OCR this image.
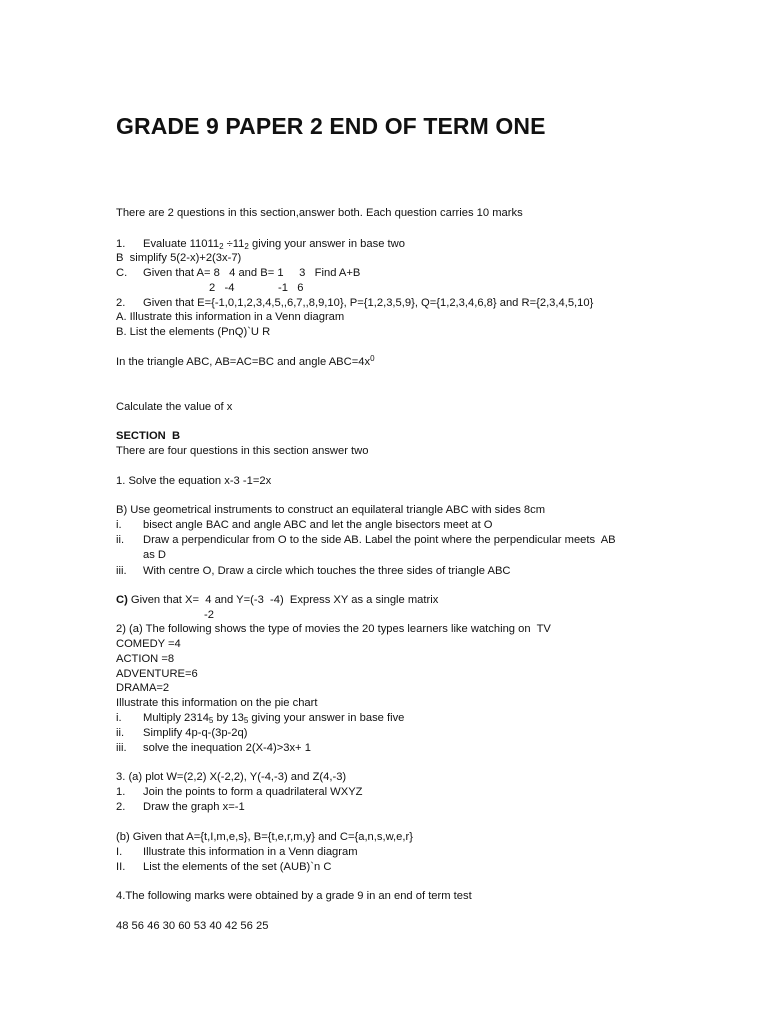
GRADE 9 PAPER 2 END OF TERM ONE
There are 2 questions in this section,answer both. Each question carries 10 marks
1. Evaluate $11011_2 \div 11_2$ giving your answer in base two
B  simplify 5(2-x)+2(3x-7)
C. Given that A= 8   4 and B= 1     3   Find A+B
2   -4              -1   6
2. Given that E={-1,0,1,2,3,4,5,,6,7,,8,9,10}, P={1,2,3,5,9}, Q={1,2,3,4,6,8} and R={2,3,4,5,10}
A. Illustrate this information in a Venn diagram
B. List the elements (PnQ)`U R
In the triangle ABC, AB=AC=BC and angle $ABC=4x^0$
Calculate the value of x
SECTION  B
There are four questions in this section answer two
1. Solve the equation x-3 -1=2x
B) Use geometrical instruments to construct an equilateral triangle ABC with sides 8cm
i. bisect angle BAC and angle ABC and let the angle bisectors meet at O
ii. Draw a perpendicular from O to the side AB. Label the point where the perpendicular meets  AB
as D
iii. With centre O, Draw a circle which touches the three sides of triangle ABC
C) Given that X=  4 and Y=(-3  -4)  Express XY as a single matrix
-2
2) (a) The following shows the type of movies the 20 types learners like watching on  TV
COMEDY =4
ACTION =8
ADVENTURE=6
DRAMA=2
Illustrate this information on the pie chart
i. Multiply $2314_5$ by $13_5$ giving your answer in base five
ii. Simplify 4p-q-(3p-2q)
iii. solve the inequation 2(X-4)>3x+ 1
3. (a) plot W=(2,2) X(-2,2), Y(-4,-3) and Z(4,-3)
1. Join the points to form a quadrilateral WXYZ
2. Draw the graph x=-1
(b) Given that A={t,I,m,e,s}, B={t,e,r,m,y} and C={a,n,s,w,e,r}
I. Illustrate this information in a Venn diagram
II. List the elements of the set (AUB)`n C
4.The following marks were obtained by a grade 9 in an end of term test
48 56 46 30 60 53 40 42 56 25
